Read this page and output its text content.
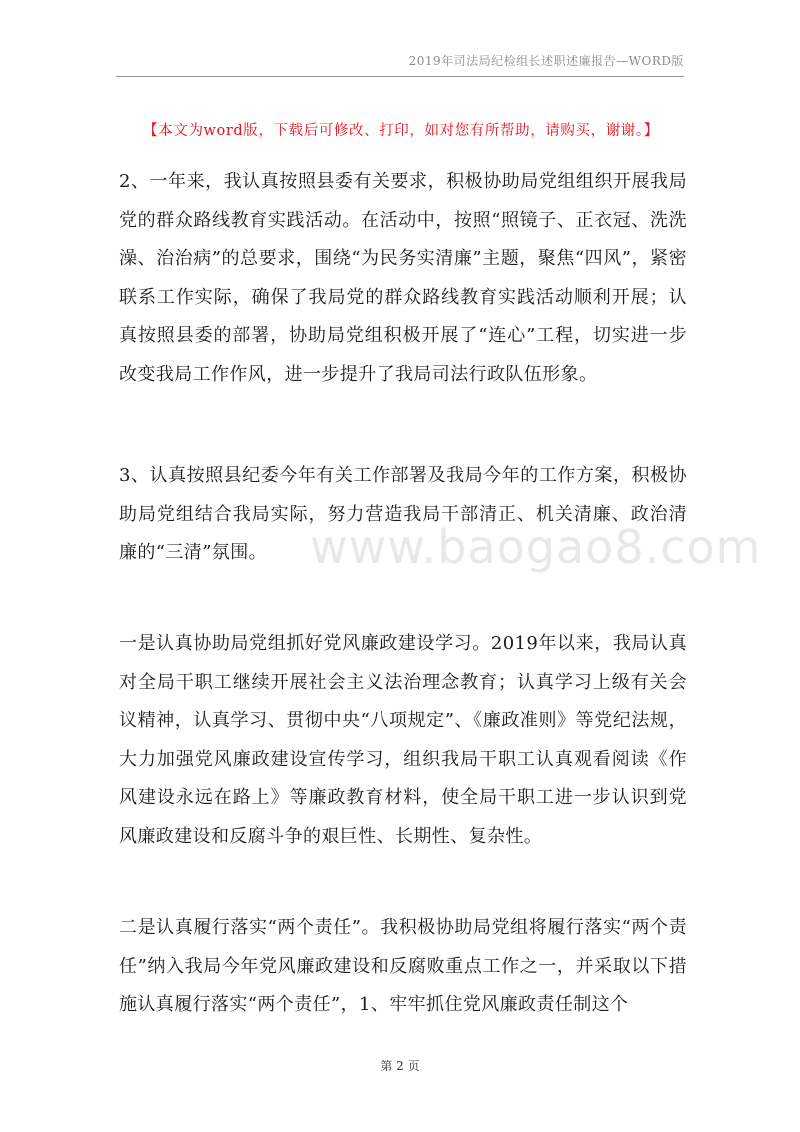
2019年司法局纪检组长述职述廉报告—WORD版
【本文为word版，下载后可修改、打印，如对您有所帮助，请购买，谢谢。】
2、一年来，我认真按照县委有关要求，积极协助局党组组织开展我局党的群众路线教育实践活动。在活动中，按照“照镜子、正衣冠、洗洗澡、治治病”的总要求，围绕“为民务实清廉”主题，聚焦“四风”，紧密联系工作实际，确保了我局党的群众路线教育实践活动顺利开展；认真按照县委的部署，协助局党组积极开展了“连心”工程，切实进一步改变我局工作作风，进一步提升了我局司法行政队伍形象。
3、认真按照县纪委今年有关工作部署及我局今年的工作方案，积极协助局党组结合我局实际，努力营造我局干部清正、机关清廉、政治清廉的“三清”氛围。
一是认真协助局党组抓好党风廉政建设学习。2019年以来，我局认真对全局干职工继续开展社会主义法治理念教育；认真学习上级有关会议精神，认真学习、贯彻中央“八项规定”、《廉政准则》等党纪法规，大力加强党风廉政建设宣传学习，组织我局干职工认真观看阅读《作风建设永远在路上》等廉政教育材料，使全局干职工进一步认识到党风廉政建设和反腐斗争的艰巨性、长期性、复杂性。
二是认真履行落实“两个责任”。我积极协助局党组将履行落实“两个责任”纳入我局今年党风廉政建设和反腐败重点工作之一，并采取以下措施认真履行落实“两个责任”，1、牢牢抓住党风廉政责任制这个
www.baogao8.com
第 2 页
